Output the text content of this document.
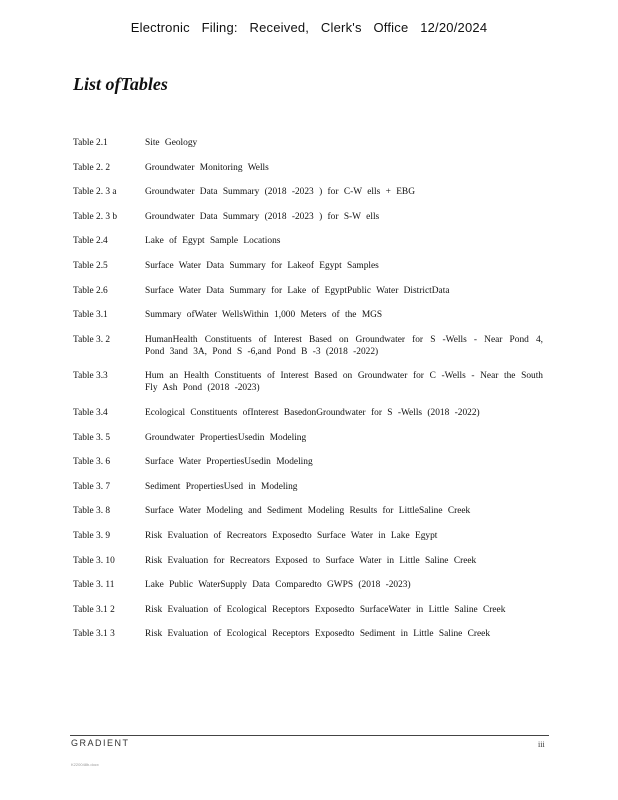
Electronic Filing: Received, Clerk's Office 12/20/2024
List ofTables
Table 2.1	Site Geology
Table 2. 2	Groundwater Monitoring Wells
Table 2. 3 a	Groundwater Data Summary (2018 -2023 ) for C-W ells + EBG
Table 2. 3 b	Groundwater Data Summary (2018 -2023 ) for S-W ells
Table 2.4	Lake of Egypt Sample Locations
Table 2.5	Surface Water Data Summary for Lakeof Egypt Samples
Table 2.6	Surface Water Data Summary for Lake of EgyptPublic Water DistrictData
Table 3.1	Summary ofWater WellsWithin 1,000 Meters of the MGS
Table 3. 2	HumanHealth Constituents of Interest Based on Groundwater for S -Wells - Near Pond 4, Pond 3and 3A, Pond S -6,and Pond B -3 (2018 -2022)
Table 3.3	Hum an Health Constituents of Interest Based on Groundwater for C -Wells - Near the South Fly Ash Pond (2018 -2023)
Table 3.4	Ecological Constituents ofInterest BasedonGroundwater for S -Wells (2018 -2022)
Table 3. 5	Groundwater PropertiesUsedin Modeling
Table 3. 6	Surface Water PropertiesUsedin Modeling
Table 3. 7	Sediment PropertiesUsed in Modeling
Table 3. 8	Surface Water Modeling and Sediment Modeling Results for LittleSaline Creek
Table 3. 9	Risk Evaluation of Recreators Exposedto Surface Water in Lake Egypt
Table 3. 10	Risk Evaluation for Recreators Exposed to Surface Water in Little Saline Creek
Table 3. 11	Lake Public WaterSupply Data Comparedto GWPS (2018 -2023)
Table 3.1 2	Risk Evaluation of Ecological Receptors Exposedto SurfaceWater in Little Saline Creek
Table 3.1 3	Risk Evaluation of Ecological Receptors Exposedto Sediment in Little Saline Creek
GRADIENT	iii
K220048b.docx
